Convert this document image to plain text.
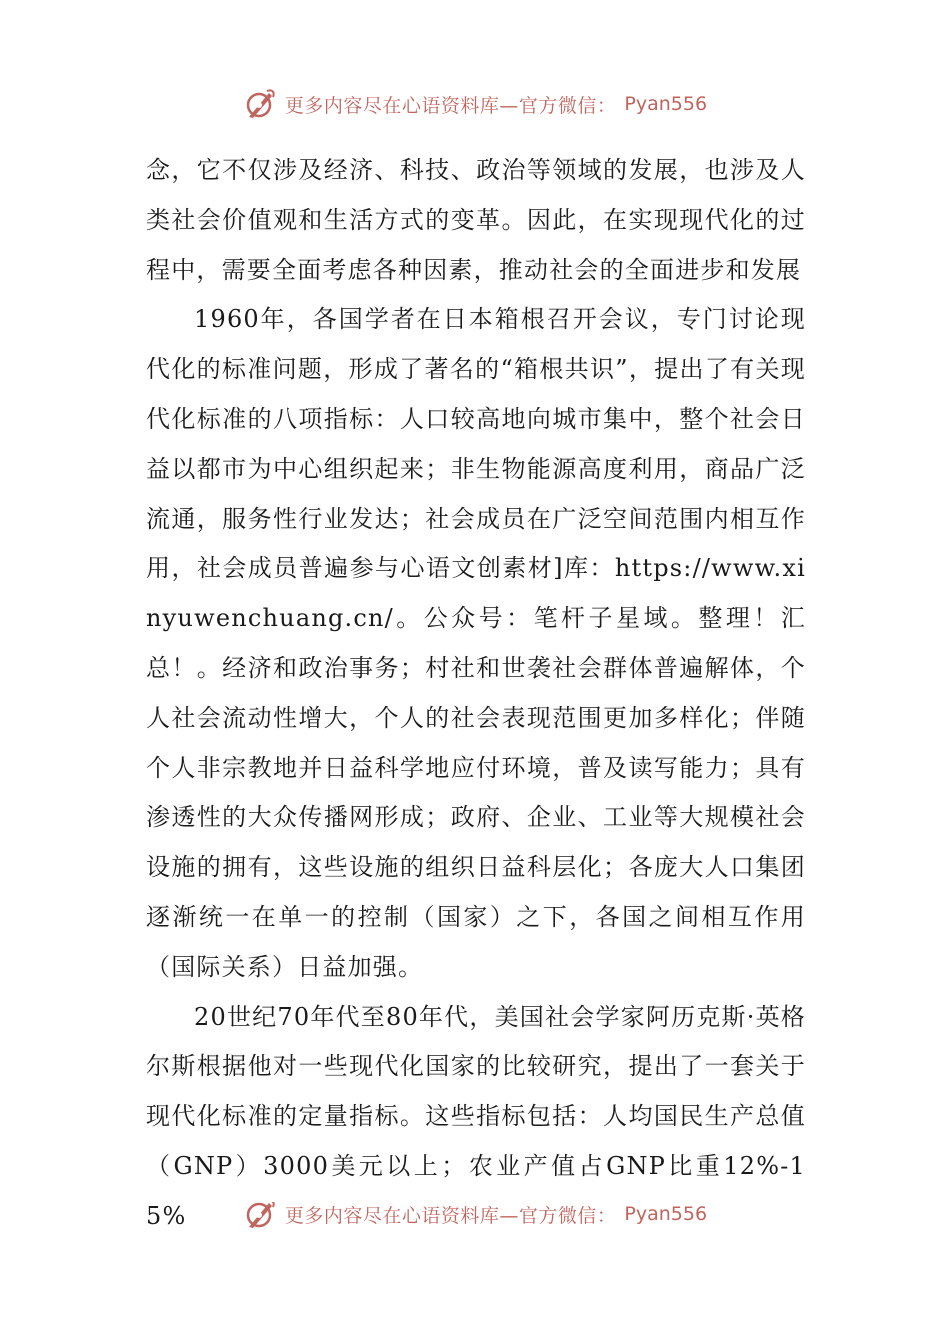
更多内容尽在心语资料库—官方微信： Pyan556

念，它不仅涉及经济、科技、政治等领域的发展，也涉及人类社会价值观和生活方式的变革。因此，在实现现代化的过程中，需要全面考虑各种因素，推动社会的全面进步和发展

1960年，各国学者在日本箱根召开会议，专门讨论现代化的标准问题，形成了著名的“箱根共识”，提出了有关现代化标准的八项指标：人口较高地向城市集中，整个社会日益以都市为中心组织起来；非生物能源高度利用，商品广泛流通，服务性行业发达；社会成员在广泛空间范围内相互作用，社会成员普遍参与心语文创素材]库：https://www.xinyuwenchuang.cn/。公众号：笔杆子星域。整理！汇总！。经济和政治事务；村社和世袭社会群体普遍解体，个人社会流动性增大，个人的社会表现范围更加多样化；伴随个人非宗教地并日益科学地应付环境，普及读写能力；具有渗透性的大众传播网形成；政府、企业、工业等大规模社会设施的拥有，这些设施的组织日益科层化；各庞大人口集团逐渐统一在单一的控制（国家）之下，各国之间相互作用（国际关系）日益加强。

20世纪70年代至80年代，美国社会学家阿历克斯·英格尔斯根据他对一些现代化国家的比较研究，提出了一套关于现代化标准的定量指标。这些指标包括：人均国民生产总值（GNP）3000美元以上；农业产值占GNP比重12%-15%	更多内容尽在心语资料库—官方微信： Pyan556
